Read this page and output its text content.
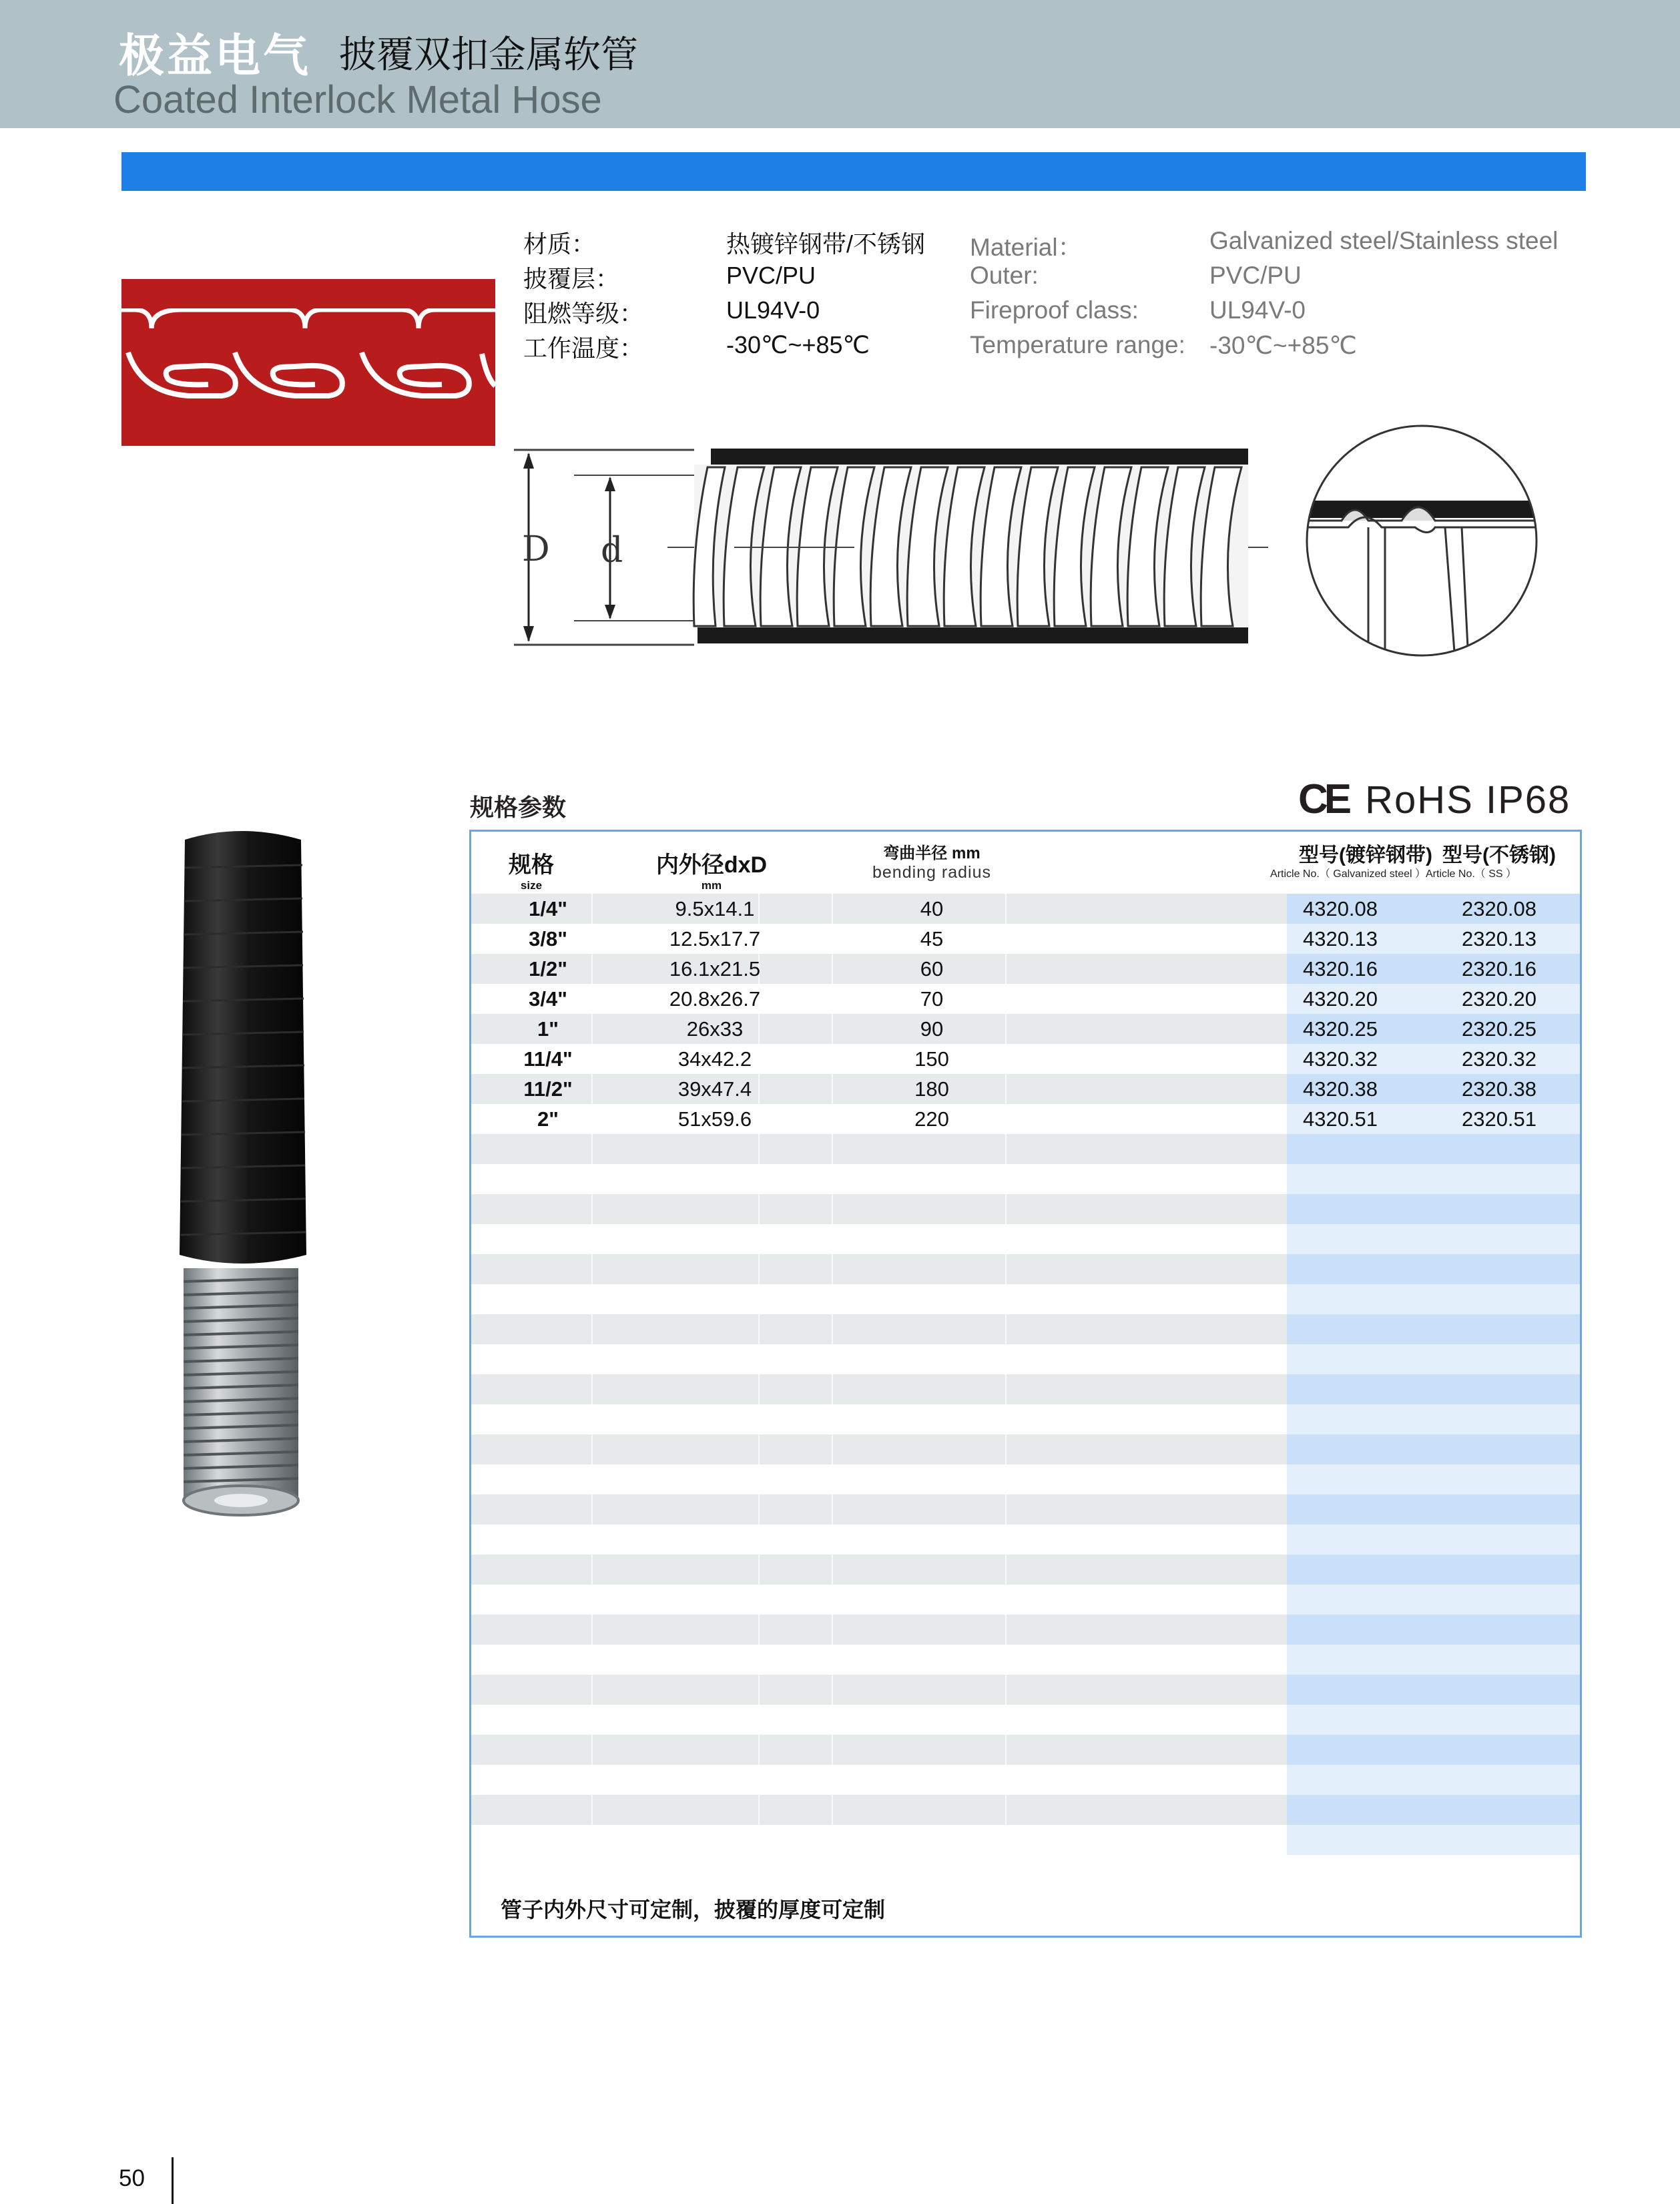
极益电气 披覆双扣金属软管
Coated Interlock Metal Hose
材质：	热镀锌钢带/不锈钢 Material：	Galvanized steel/Stainless steel
披覆层：	PVC/PU	Outer:	PVC/PU
阻燃等级：	UL94V-0	Fireproof class:	UL94V-0
工作温度：	-30℃~+85℃	Temperature range: -30℃~+85℃
D d
规格参数	CE RoHS IP68
规格
size
内外径dxD
mm
弯曲半径 mm
bending radius
型号(镀锌钢带) 型号(不锈钢)
Article No.（ Galvanized steel ） Article No.（ SS ）
1/4"	9.5x14.1	40	4320.08	2320.08
3/8"	12.5x17.7	45	4320.13	2320.13
1/2"	16.1x21.5	60	4320.16	2320.16
3/4"	20.8x26.7	70	4320.20	2320.20
1"	26x33	90	4320.25	2320.25
11/4"	34x42.2	150	4320.32	2320.32
11/2"	39x47.4	180	4320.38	2320.38
2"	51x59.6	220	4320.51	2320.51
管子内外尺寸可定制，披覆的厚度可定制
50
